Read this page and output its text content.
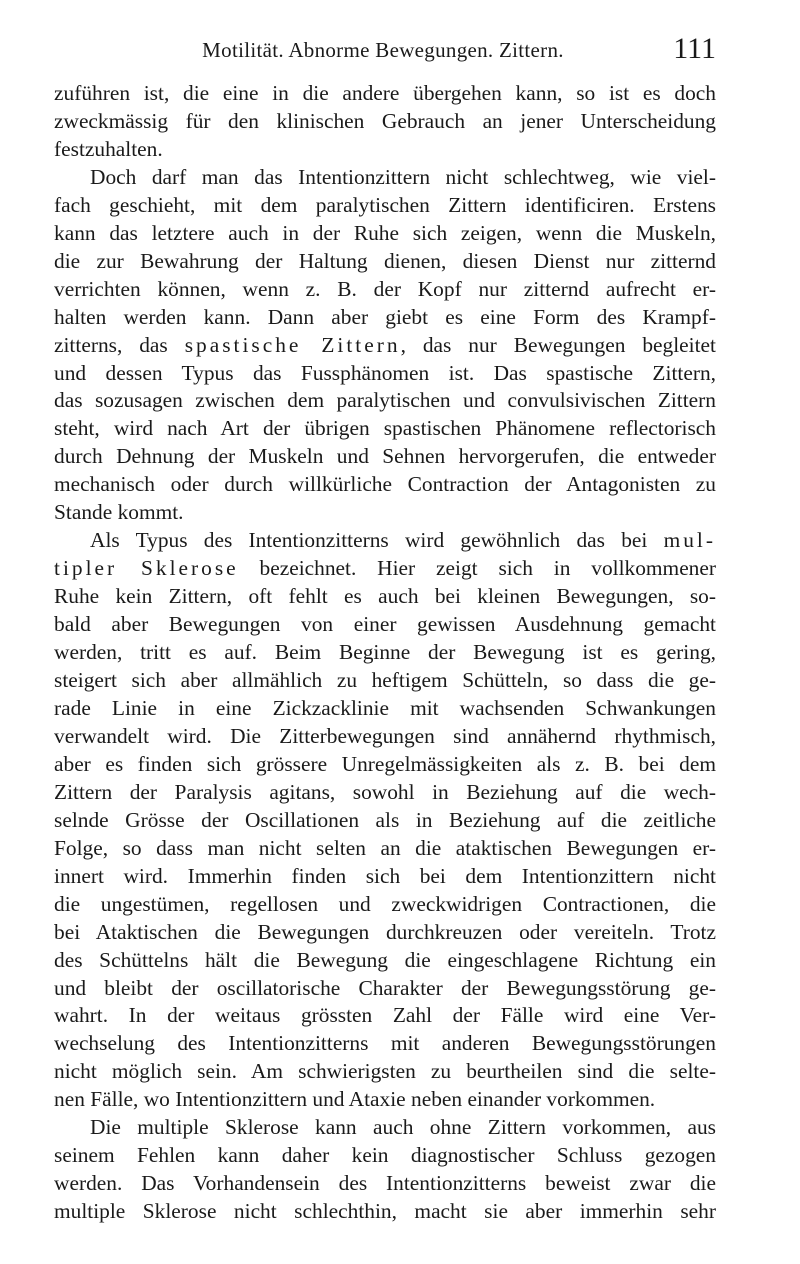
Motilität. Abnorme Bewegungen. Zittern.	111
zuführen ist, die eine in die andere übergehen kann, so ist es doch
zweckmässig für den klinischen Gebrauch an jener Unterscheidung
festzuhalten.
Doch darf man das Intentionzittern nicht schlechtweg, wie viel-
fach geschieht, mit dem paralytischen Zittern identificiren. Erstens
kann das letztere auch in der Ruhe sich zeigen, wenn die Muskeln,
die zur Bewahrung der Haltung dienen, diesen Dienst nur zitternd
verrichten können, wenn z. B. der Kopf nur zitternd aufrecht er-
halten werden kann. Dann aber giebt es eine Form des Krampf-
zitterns, das spastische Zittern, das nur Bewegungen begleitet
und dessen Typus das Fussphänomen ist. Das spastische Zittern,
das sozusagen zwischen dem paralytischen und convulsivischen Zittern
steht, wird nach Art der übrigen spastischen Phänomene reflectorisch
durch Dehnung der Muskeln und Sehnen hervorgerufen, die entweder
mechanisch oder durch willkürliche Contraction der Antagonisten zu
Stande kommt.
Als Typus des Intentionzitterns wird gewöhnlich das bei mul-
tipler Sklerose bezeichnet. Hier zeigt sich in vollkommener
Ruhe kein Zittern, oft fehlt es auch bei kleinen Bewegungen, so-
bald aber Bewegungen von einer gewissen Ausdehnung gemacht
werden, tritt es auf. Beim Beginne der Bewegung ist es gering,
steigert sich aber allmählich zu heftigem Schütteln, so dass die ge-
rade Linie in eine Zickzacklinie mit wachsenden Schwankungen
verwandelt wird. Die Zitterbewegungen sind annähernd rhythmisch,
aber es finden sich grössere Unregelmässigkeiten als z. B. bei dem
Zittern der Paralysis agitans, sowohl in Beziehung auf die wech-
selnde Grösse der Oscillationen als in Beziehung auf die zeitliche
Folge, so dass man nicht selten an die ataktischen Bewegungen er-
innert wird. Immerhin finden sich bei dem Intentionzittern nicht
die ungestümen, regellosen und zweckwidrigen Contractionen, die
bei Ataktischen die Bewegungen durchkreuzen oder vereiteln. Trotz
des Schüttelns hält die Bewegung die eingeschlagene Richtung ein
und bleibt der oscillatorische Charakter der Bewegungsstörung ge-
wahrt. In der weitaus grössten Zahl der Fälle wird eine Ver-
wechselung des Intentionzitterns mit anderen Bewegungsstörungen
nicht möglich sein. Am schwierigsten zu beurtheilen sind die selte-
nen Fälle, wo Intentionzittern und Ataxie neben einander vorkommen.
Die multiple Sklerose kann auch ohne Zittern vorkommen, aus
seinem Fehlen kann daher kein diagnostischer Schluss gezogen
werden. Das Vorhandensein des Intentionzitterns beweist zwar die
multiple Sklerose nicht schlechthin, macht sie aber immerhin sehr
